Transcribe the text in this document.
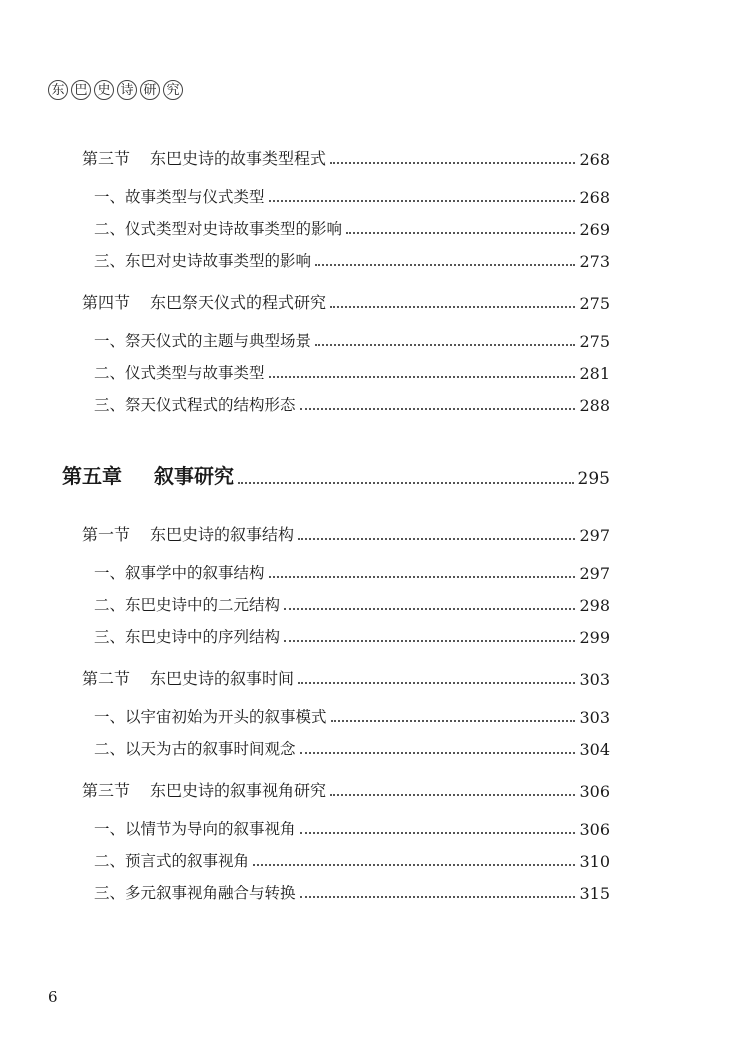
东 巴 史 诗 研 究
第三节 东巴史诗的故事类型程式	268
一、故事类型与仪式类型	268
二、仪式类型对史诗故事类型的影响	269
三、东巴对史诗故事类型的影响	273
第四节 东巴祭天仪式的程式研究	275
一、祭天仪式的主题与典型场景	275
二、仪式类型与故事类型	281
三、祭天仪式程式的结构形态	288
第五章 叙事研究	295
第一节 东巴史诗的叙事结构	297
一、叙事学中的叙事结构	297
二、东巴史诗中的二元结构	298
三、东巴史诗中的序列结构	299
第二节 东巴史诗的叙事时间	303
一、以宇宙初始为开头的叙事模式	303
二、以天为古的叙事时间观念	304
第三节 东巴史诗的叙事视角研究	306
一、以情节为导向的叙事视角	306
二、预言式的叙事视角	310
三、多元叙事视角融合与转换	315
6
